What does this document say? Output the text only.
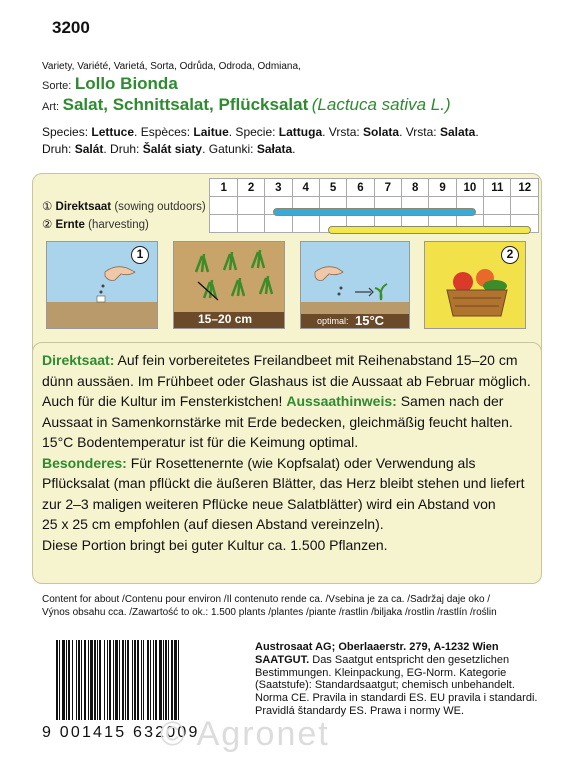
3200
Variety, Variété, Varietá, Sorta, Odrůda, Odroda, Odmiana,
Sorte: Lollo Bionda
Art: Salat, Schnittsalat, Pflücksalat (Lactuca sativa L.)
Species: Lettuce. Espèces: Laitue. Specie: Lattuga. Vrsta: Solata. Vrsta: Salata.
Druh: Salát. Druh: Šalát siaty. Gatunki: Sałata.
	1	2	3	4	5	6	7	8	9	10	11	12
① Direktsaat (sowing outdoors)												
② Ernte (harvesting)												
1
15–20 cm	optimal: 15°C
2
Direktsaat: Auf fein vorbereitetes Freilandbeet mit Reihenabstand 15–20 cm
dünn aussäen. Im Frühbeet oder Glashaus ist die Aussaat ab Februar möglich.
Auch für die Kultur im Fensterkistchen! Aussaathinweis: Samen nach der
Aussaat in Samenkornstärke mit Erde bedecken, gleichmäßig feucht halten.
15°C Bodentemperatur ist für die Keimung optimal.
Besonderes: Für Rosettenernte (wie Kopfsalat) oder Verwendung als
Pflücksalat (man pflückt die äußeren Blätter, das Herz bleibt stehen und liefert
zur 2–3 maligen weiteren Pflücke neue Salatblätter) wird ein Abstand von
25 x 25 cm empfohlen (auf diesen Abstand vereinzeln).
Diese Portion bringt bei guter Kultur ca. 1.500 Pflanzen.
Content for about /Contenu pour environ /Il contenuto rende ca. /Vsebina je za ca. /Sadržaj daje oko /
Výnos obsahu cca. /Zawartość to ok.: 1.500 plants /plantes /piante /rastlin /biljaka /rostlin /rastlín /roślin
9 001415 632009
Austrosaat AG; Oberlaaerstr. 279, A-1232 Wien
SAATGUT. Das Saatgut entspricht den gesetzlichen
Bestimmungen. Kleinpackung, EG-Norm. Kategorie
(Saatstufe): Standardsaatgut; chemisch unbehandelt.
Norma CE. Pravila in standardi ES. EU pravila i standardi.
Pravidlá štandardy ES. Prawa i normy WE.
© Agronet
